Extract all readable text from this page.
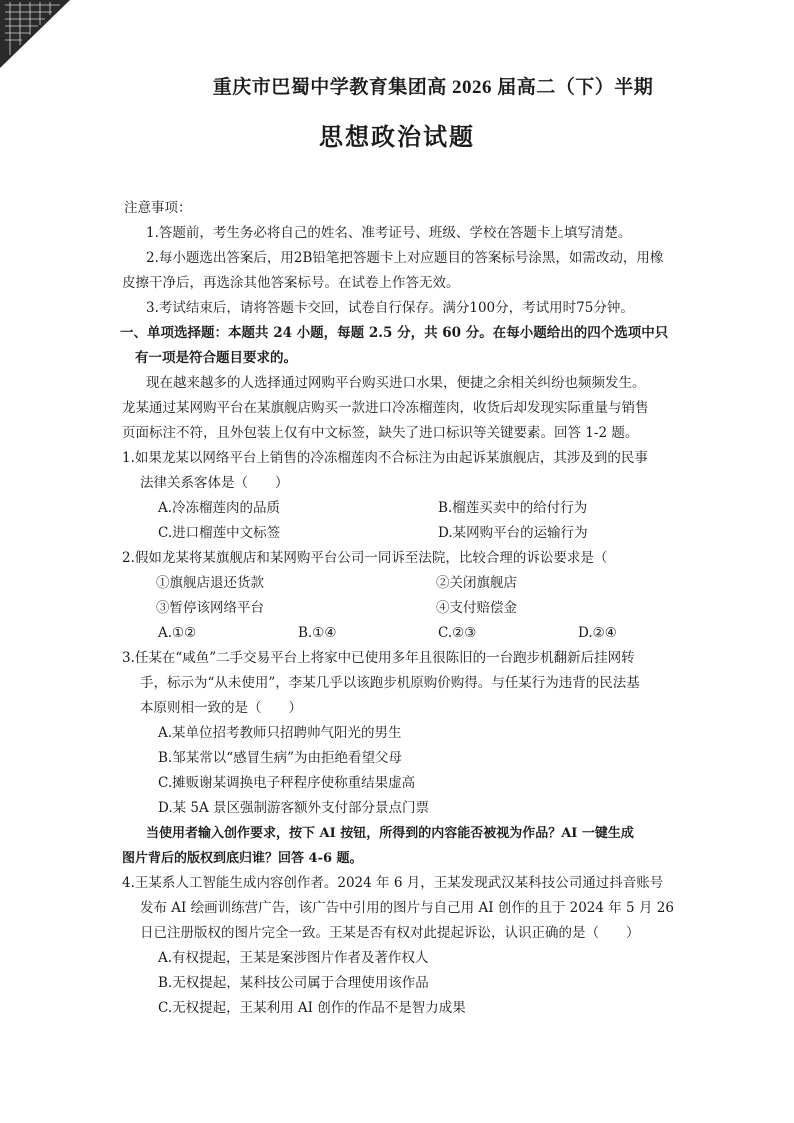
重庆市巴蜀中学教育集团高 2026 届高二（下）半期
思想政治试题

注意事项：

1.答题前，考生务必将自己的姓名、准考证号、班级、学校在答题卡上填写清楚。

2.每小题选出答案后，用2B铅笔把答题卡上对应题目的答案标号涂黑，如需改动，用橡

皮擦干净后，再选涂其他答案标号。在试卷上作答无效。

3.考试结束后，请将答题卡交回，试卷自行保存。满分100分，考试用时75分钟。

一、单项选择题：本题共 24 小题，每题 2.5 分，共 60 分。在每小题给出的四个选项中只

有一项是符合题目要求的。

现在越来越多的人选择通过网购平台购买进口水果，便捷之余相关纠纷也频频发生。

龙某通过某网购平台在某旗舰店购买一款进口冷冻榴莲肉，收货后却发现实际重量与销售

页面标注不符，且外包装上仅有中文标签，缺失了进口标识等关键要素。回答 1-2 题。

1.如果龙某以网络平台上销售的冷冻榴莲肉不合标注为由起诉某旗舰店，其涉及到的民事

法律关系客体是（　　）

A.冷冻榴莲肉的品质	B.榴莲买卖中的给付行为
C.进口榴莲中文标签	D.某网购平台的运输行为

2.假如龙某将某旗舰店和某网购平台公司一同诉至法院，比较合理的诉讼要求是（

①旗舰店退还货款	②关闭旗舰店
③暂停该网络平台	④支付赔偿金
A.①②	B.①④	C.②③	D.②④

3.任某在“咸鱼”二手交易平台上将家中已使用多年且很陈旧的一台跑步机翻新后挂网转

手，标示为“从未使用”，李某几乎以该跑步机原购价购得。与任某行为违背的民法基

本原则相一致的是（　　）

A.某单位招考教师只招聘帅气阳光的男生

B.邹某常以“感冒生病”为由拒绝看望父母

C.摊贩谢某调换电子秤程序使称重结果虚高

D.某 5A 景区强制游客额外支付部分景点门票

当使用者输入创作要求，按下 AI 按钮，所得到的内容能否被视为作品？AI 一键生成

图片背后的版权到底归谁？回答 4-6 题。

4.王某系人工智能生成内容创作者。2024 年 6 月，王某发现武汉某科技公司通过抖音账号

发布 AI 绘画训练营广告，该广告中引用的图片与自己用 AI 创作的且于 2024 年 5 月 26

日已注册版权的图片完全一致。王某是否有权对此提起诉讼，认识正确的是（　　）

A.有权提起，王某是案涉图片作者及著作权人

B.无权提起，某科技公司属于合理使用该作品

C.无权提起，王某利用 AI 创作的作品不是智力成果
